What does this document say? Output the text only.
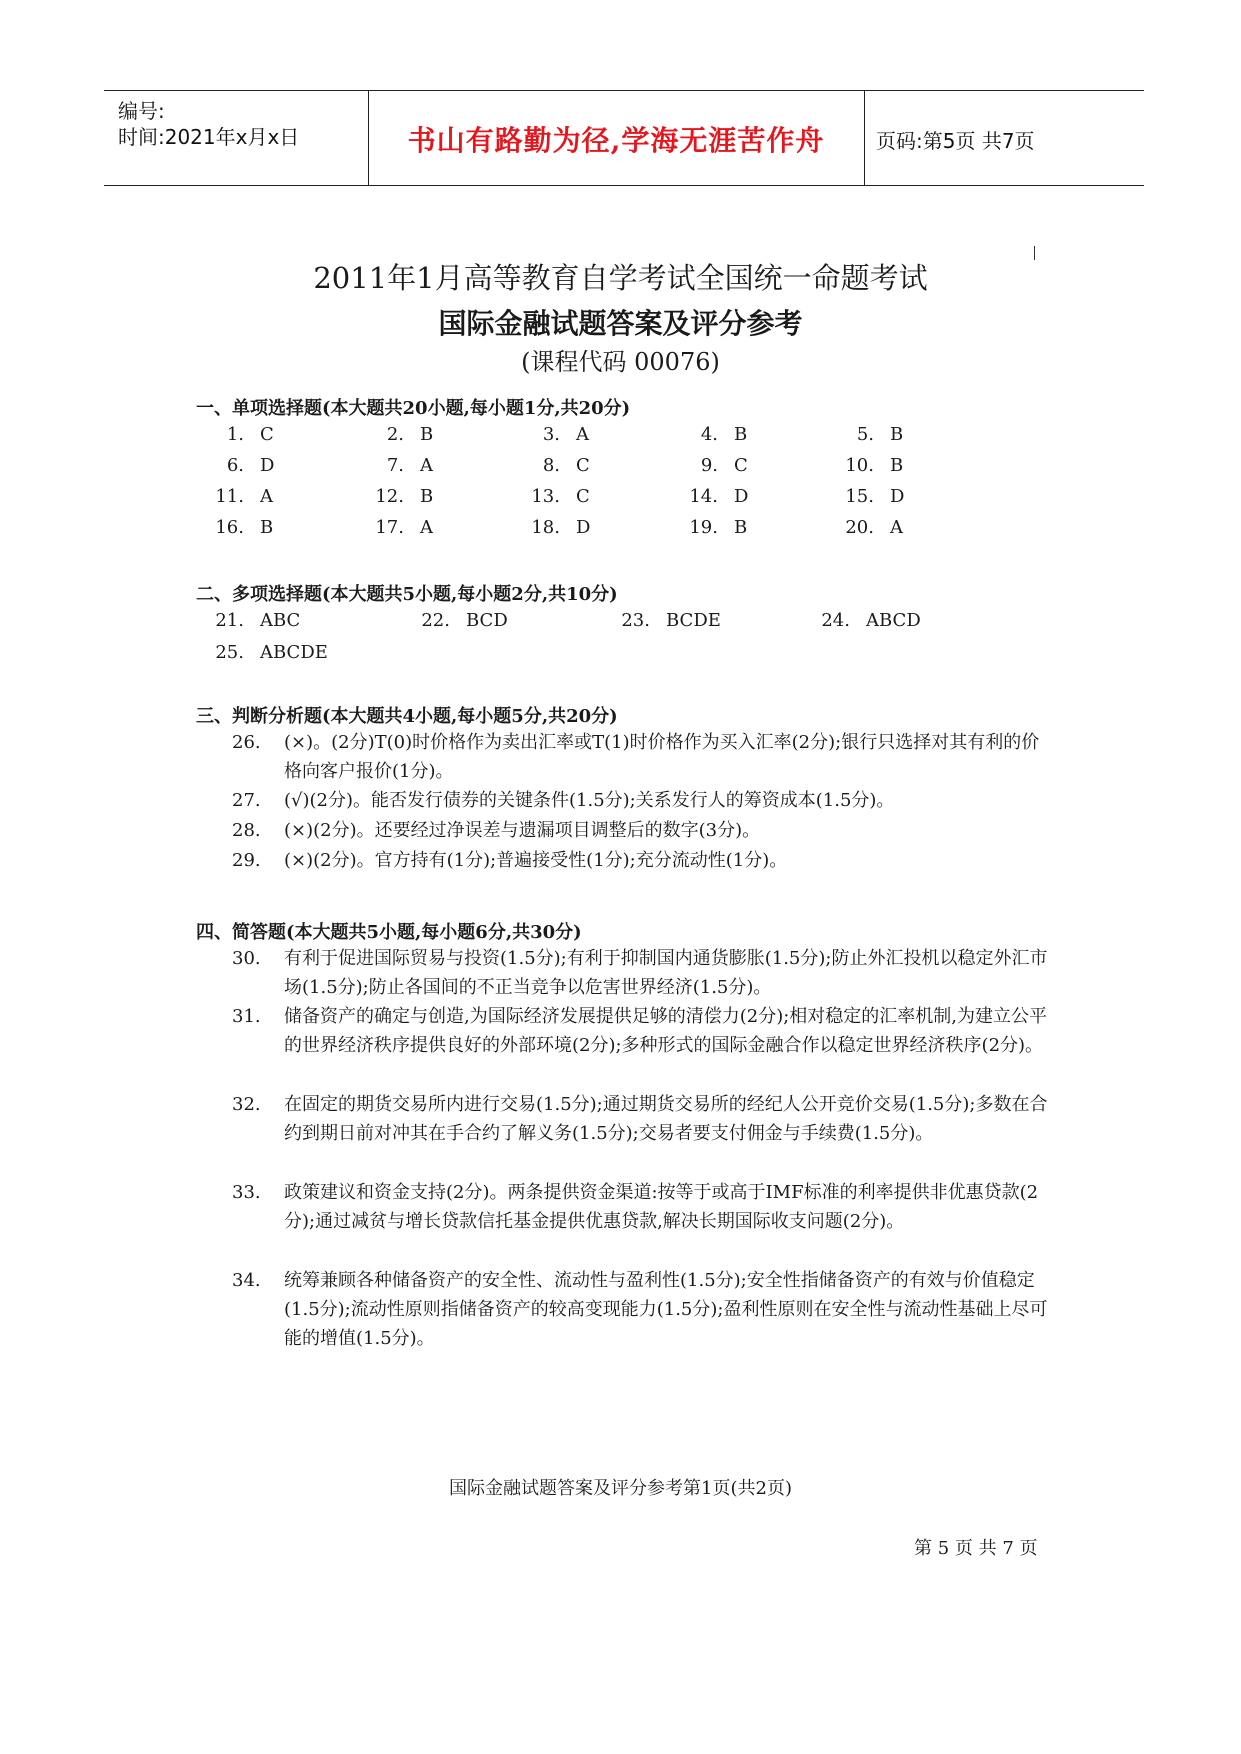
编号:
时间:2021年x月x日	书山有路勤为径,学海无涯苦作舟	页码:第5页 共7页
2011年1月高等教育自学考试全国统一命题考试
国际金融试题答案及评分参考
(课程代码 00076)
一、单项选择题(本大题共20小题,每小题1分,共20分)
1. C	2. B	3. A	4. B	5. B
6. D	7. A	8. C	9. C	10. B
11. A	12. B	13. C	14. D	15. D
16. B	17. A	18. D	19. B	20. A
二、多项选择题(本大题共5小题,每小题2分,共10分)
21. ABC	22. BCD	23. BCDE	24. ABCD
25. ABCDE
三、判断分析题(本大题共4小题,每小题5分,共20分)
26.	(×)。(2分)T(0)时价格作为卖出汇率或T(1)时价格作为买入汇率(2分);银行只选择对其有利的价格向客户报价(1分)。
27.	(√)(2分)。能否发行债券的关键条件(1.5分);关系发行人的筹资成本(1.5分)。
28.	(×)(2分)。还要经过净误差与遗漏项目调整后的数字(3分)。
29.	(×)(2分)。官方持有(1分);普遍接受性(1分);充分流动性(1分)。
四、简答题(本大题共5小题,每小题6分,共30分)
30.	有利于促进国际贸易与投资(1.5分);有利于抑制国内通货膨胀(1.5分);防止外汇投机以稳定外汇市场(1.5分);防止各国间的不正当竞争以危害世界经济(1.5分)。
31.	储备资产的确定与创造,为国际经济发展提供足够的清偿力(2分);相对稳定的汇率机制,为建立公平的世界经济秩序提供良好的外部环境(2分);多种形式的国际金融合作以稳定世界经济秩序(2分)。
32.	在固定的期货交易所内进行交易(1.5分);通过期货交易所的经纪人公开竞价交易(1.5分);多数在合约到期日前对冲其在手合约了解义务(1.5分);交易者要支付佣金与手续费(1.5分)。
33.	政策建议和资金支持(2分)。两条提供资金渠道:按等于或高于IMF标准的利率提供非优惠贷款(2分);通过减贫与增长贷款信托基金提供优惠贷款,解决长期国际收支问题(2分)。
34.	统筹兼顾各种储备资产的安全性、流动性与盈利性(1.5分);安全性指储备资产的有效与价值稳定(1.5分);流动性原则指储备资产的较高变现能力(1.5分);盈利性原则在安全性与流动性基础上尽可能的增值(1.5分)。
国际金融试题答案及评分参考第1页(共2页)
第 5 页 共 7 页
